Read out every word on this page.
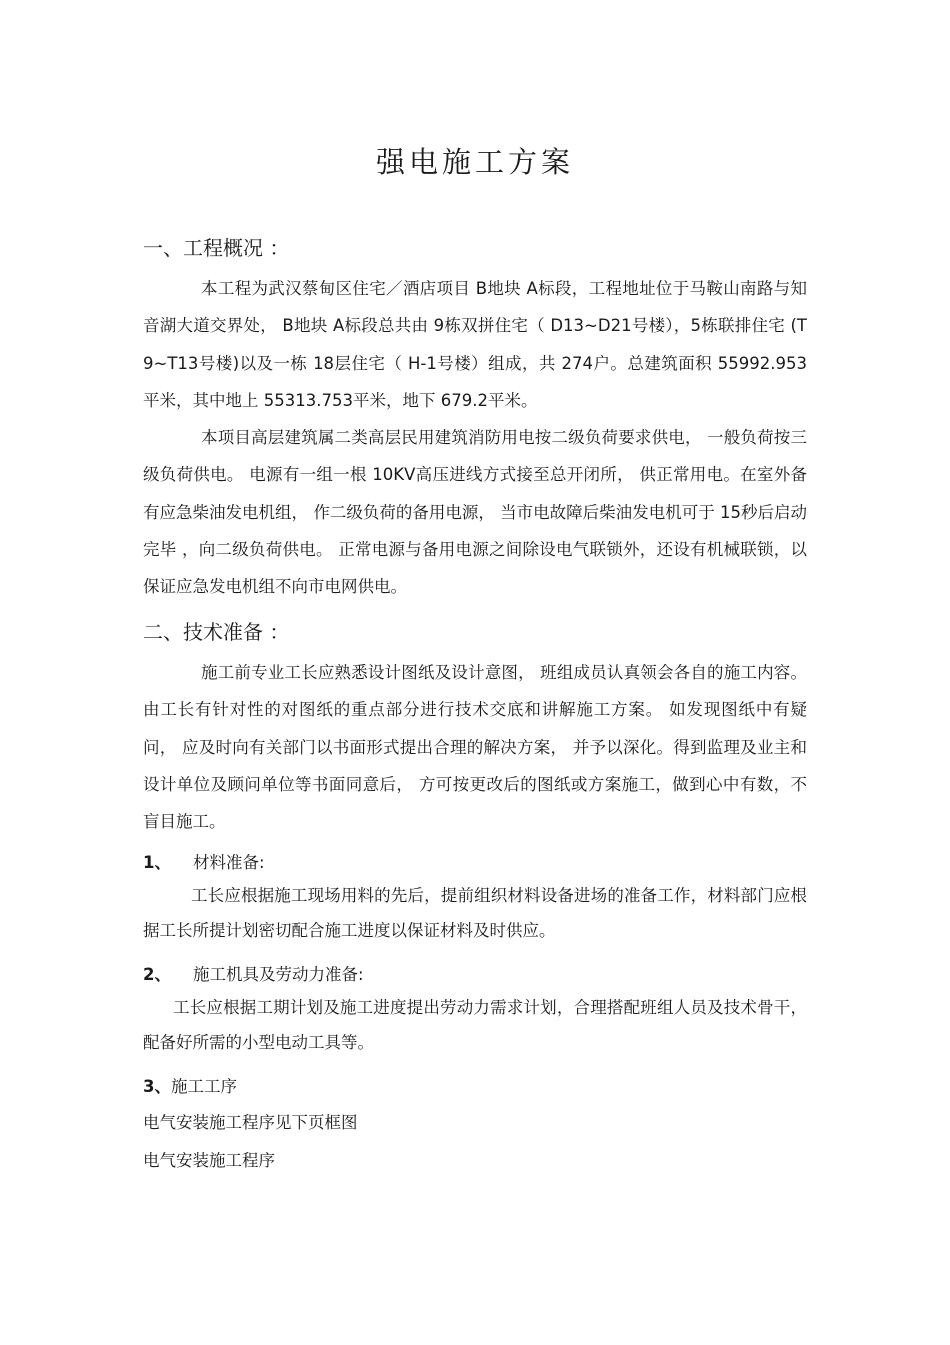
强电施工方案
一、工程概况 ：
本工程为武汉蔡甸区住宅／酒店项目 B地块 A标段，工程地址位于马鞍山南路与知音湖大道交界处， B地块 A标段总共由 9栋双拼住宅（ D13~D21号楼），5栋联排住宅 (T9~T13号楼)以及一栋 18层住宅（ H-1号楼）组成，共 274户。总建筑面积 55992.953平米，其中地上 55313.753平米，地下 679.2平米。
本项目高层建筑属二类高层民用建筑消防用电按二级负荷要求供电， 一般负荷按三级负荷供电。 电源有一组一根 10KV高压进线方式接至总开闭所， 供正常用电。在室外备有应急柴油发电机组， 作二级负荷的备用电源， 当市电故障后柴油发电机可于 15秒后启动完毕 ，向二级负荷供电。 正常电源与备用电源之间除设电气联锁外，还设有机械联锁，以保证应急发电机组不向市电网供电。
二、技术准备 ：
施工前专业工长应熟悉设计图纸及设计意图， 班组成员认真领会各自的施工内容。由工长有针对性的对图纸的重点部分进行技术交底和讲解施工方案。 如发现图纸中有疑问， 应及时向有关部门以书面形式提出合理的解决方案， 并予以深化。得到监理及业主和设计单位及顾问单位等书面同意后， 方可按更改后的图纸或方案施工，做到心中有数，不盲目施工。
1、 材料准备:
工长应根据施工现场用料的先后，提前组织材料设备进场的准备工作，材料部门应根据工长所提计划密切配合施工进度以保证材料及时供应。
2、 施工机具及劳动力准备:
工长应根据工期计划及施工进度提出劳动力需求计划，合理搭配班组人员及技术骨干，配备好所需的小型电动工具等。
3、施工工序
电气安装施工程序见下页框图
电气安装施工程序
